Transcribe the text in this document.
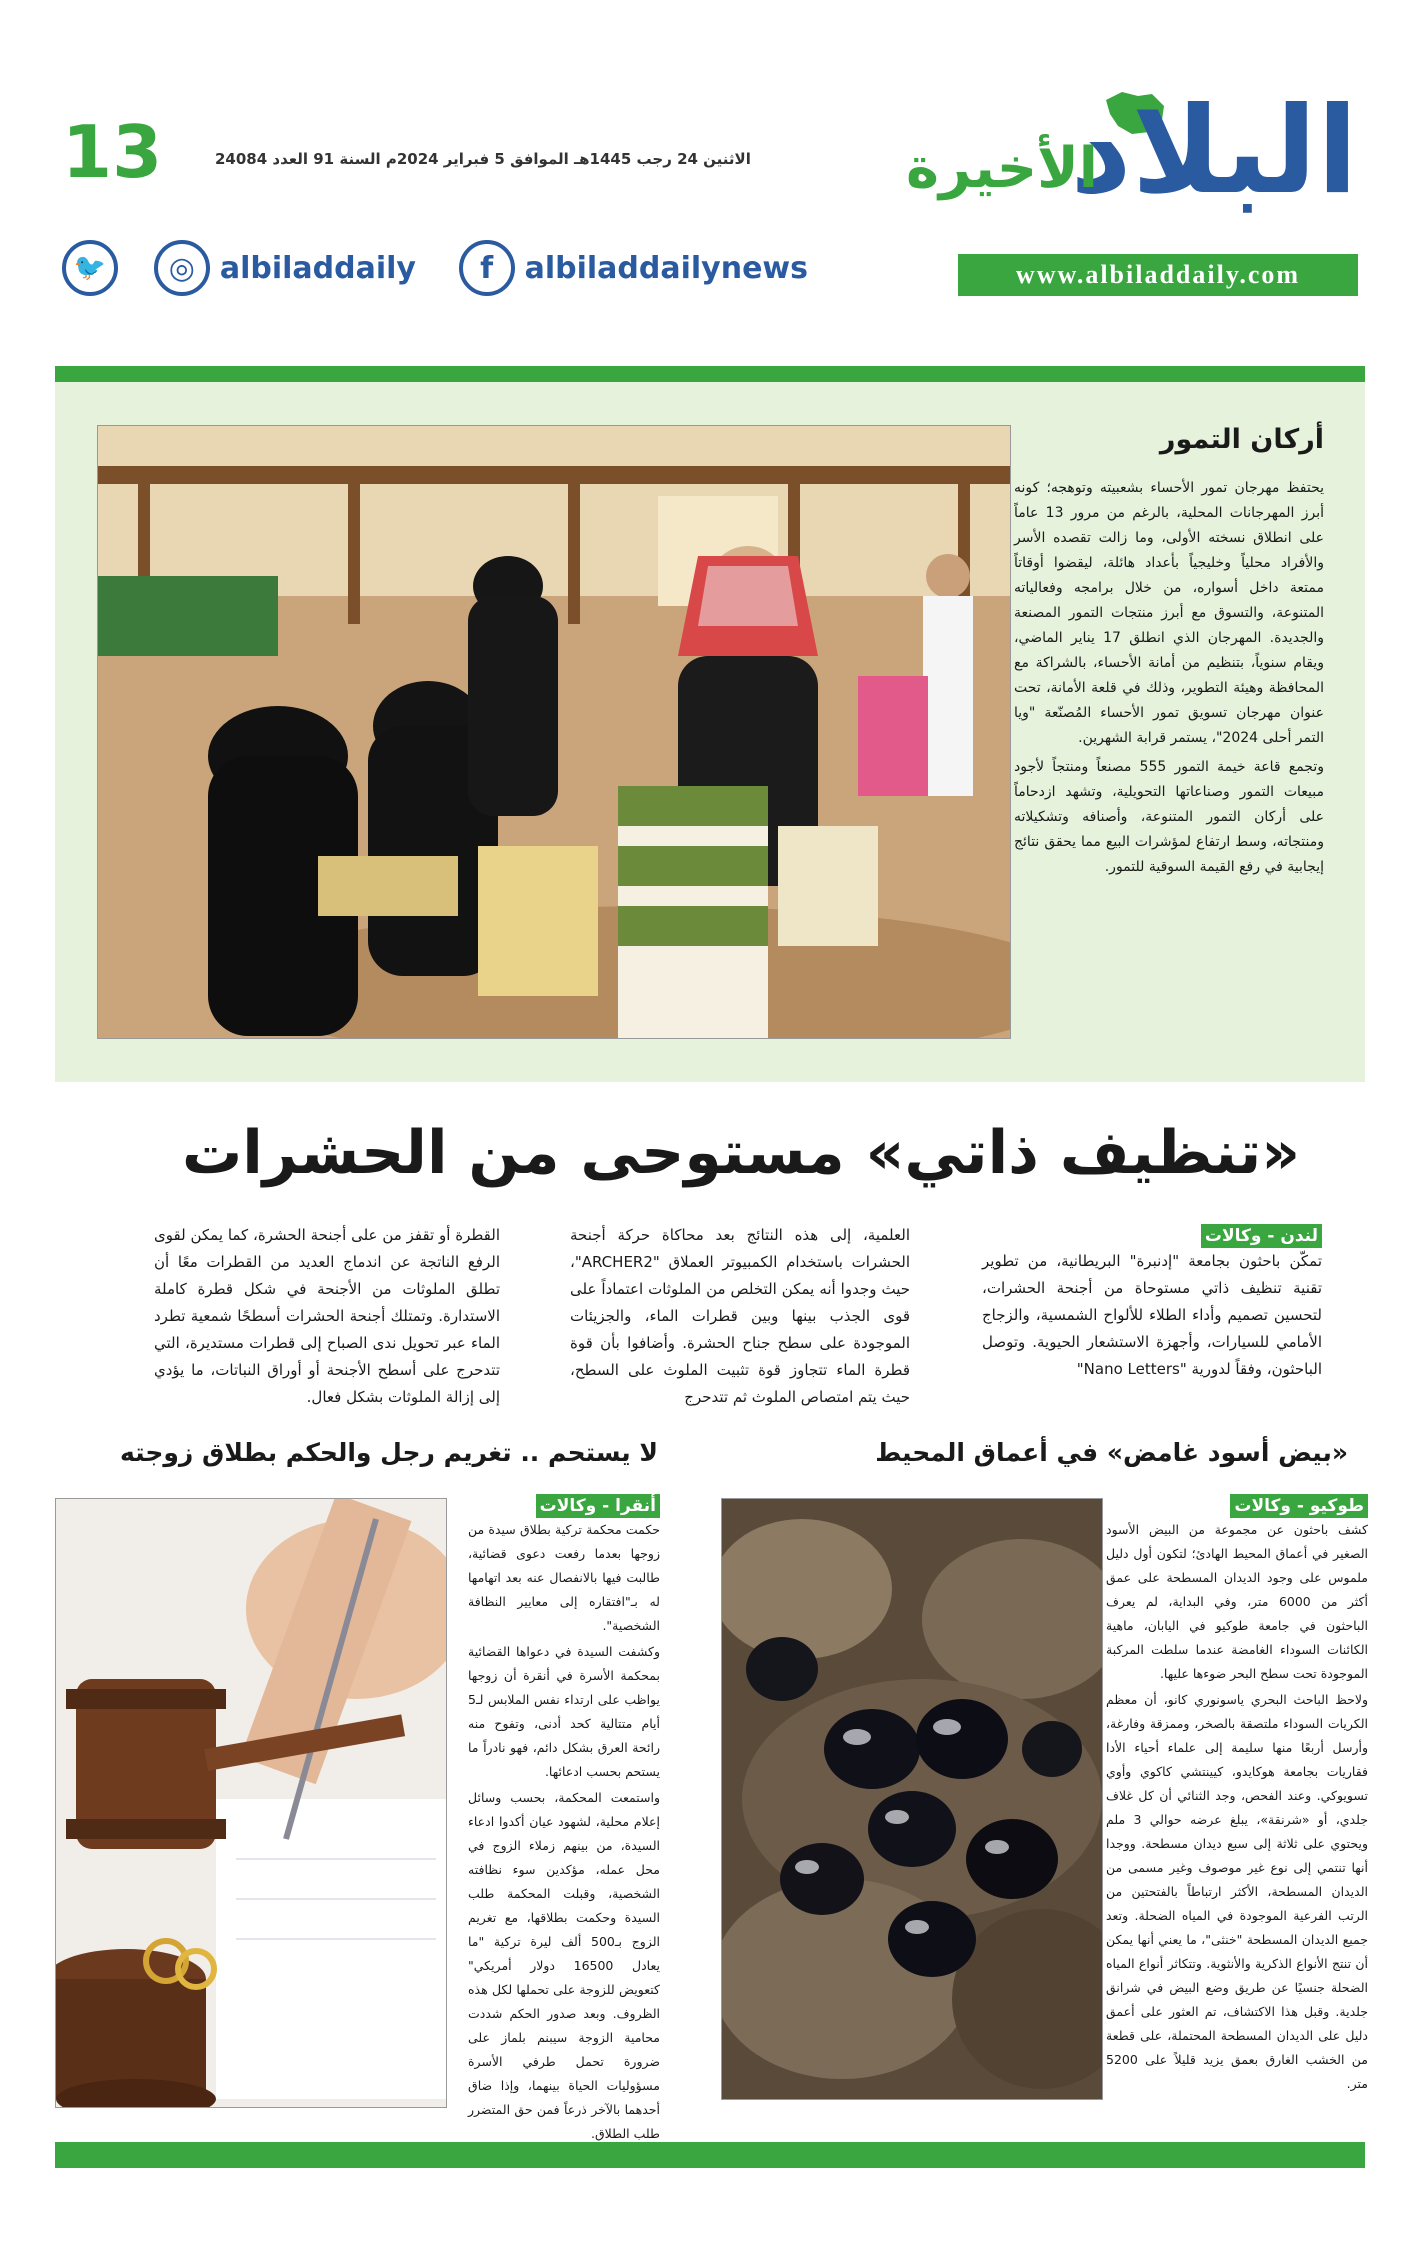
13	الاثنين 24 رجب 1445هـ الموافق 5 فبراير 2024م السنة 91 العدد 24084	البلاد
الأخيرة
www.albiladdaily.com
f	albiladdailynews
◎ albiladdaily
🐦
أركان التمور

يحتفظ مهرجان تمور الأحساء بشعبيته وتوهجه؛ كونه أبرز المهرجانات المحلية، بالرغم من مرور 13 عاماً على انطلاق نسخته الأولى، وما زالت تقصده الأسر والأفراد محلياً وخليجياً بأعداد هائلة، ليقضوا أوقاتاً ممتعة داخل أسواره، من خلال برامجه وفعالياته المتنوعة، والتسوق مع أبرز منتجات التمور المصنعة والجديدة. المهرجان الذي انطلق 17 يناير الماضي، ويقام سنوياً، بتنظيم من أمانة الأحساء، بالشراكة مع المحافظة وهيئة التطوير، وذلك في قلعة الأمانة، تحت عنوان مهرجان تسويق تمور الأحساء المُصنّعة "ويا التمر أحلى 2024"، يستمر قرابة الشهرين.

وتجمع قاعة خيمة التمور 555 مصنعاً ومنتجاً لأجود مبيعات التمور وصناعاتها التحويلية، وتشهد ازدحاماً على أركان التمور المتنوعة، وأصنافه وتشكيلاته ومنتجاته، وسط ارتفاع لمؤشرات البيع مما يحقق نتائج إيجابية في رفع القيمة السوقية للتمور.

«تنظيف ذاتي» مستوحى من الحشرات
لندن - وكالات
تمكّن باحثون بجامعة "إدنبرة" البريطانية، من تطوير تقنية تنظيف ذاتي مستوحاة من أجنحة الحشرات، لتحسين تصميم وأداء الطلاء للألواح الشمسية، والزجاج الأمامي للسيارات، وأجهزة الاستشعار الحيوية. وتوصل الباحثون، وفقاً لدورية "Nano Letters"
العلمية، إلى هذه النتائج بعد محاكاة حركة أجنحة الحشرات باستخدام الكمبيوتر العملاق "ARCHER2"، حيث وجدوا أنه يمكن التخلص من الملوثات اعتماداً على قوى الجذب بينها وبين قطرات الماء، والجزيئات الموجودة على سطح جناح الحشرة. وأضافوا بأن قوة قطرة الماء تتجاوز قوة تثبيت الملوث على السطح، حيث يتم امتصاص الملوث ثم تتدحرج
القطرة أو تقفز من على أجنحة الحشرة، كما يمكن لقوى الرفع الناتجة عن اندماج العديد من القطرات معًا أن تطلق الملوثات من الأجنحة في شكل قطرة كاملة الاستدارة. وتمتلك أجنحة الحشرات أسطحًا شمعية تطرد الماء عبر تحويل ندى الصباح إلى قطرات مستديرة، التي تتدحرج على أسطح الأجنحة أو أوراق النباتات، ما يؤدي إلى إزالة الملوثات بشكل فعال.
«بيض أسود غامض» في أعماق المحيط
طوكيو - وكالات

كشف باحثون عن مجموعة من البيض الأسود الصغير في أعماق المحيط الهادئ؛ لتكون أول دليل ملموس على وجود الديدان المسطحة على عمق أكثر من 6000 متر، وفي البداية، لم يعرف الباحثون في جامعة طوكيو في اليابان، ماهية الكائنات السوداء الغامضة عندما سلطت المركبة الموجودة تحت سطح البحر ضوءها عليها.

ولاحظ الباحث البحري ياسونوري كانو، أن معظم الكريات السوداء ملتصقة بالصخر، وممزقة وفارغة، وأرسل أربعًا منها سليمة إلى علماء أحياء الأدا فقاريات بجامعة هوكايدو، كيينتشي كاكوي وأوي تسويوكي. وعند الفحص، وجد الثنائي أن كل غلاف جلدي، أو «شرنقة»، يبلغ عرضه حوالي 3 ملم ويحتوي على ثلاثة إلى سبع ديدان مسطحة. ووجدا أنها تنتمي إلى نوع غير موصوف وغير مسمى من الديدان المسطحة، الأكثر ارتباطاً بالفتحتين من الرتب الفرعية الموجودة في المياه الضحلة. وتعد جميع الديدان المسطحة "خنثى"، ما يعني أنها يمكن أن تنتج الأنواع الذكرية والأنثوية. وتتكاثر أنواع المياه الضحلة جنسيًا عن طريق وضع البيض في شرانق جلدية. وقبل هذا الاكتشاف، تم العثور على أعمق دليل على الديدان المسطحة المحتملة، على قطعة من الخشب الغارق بعمق يزيد قليلاً على 5200 متر.

لا يستحم .. تغريم رجل والحكم بطلاق زوجته
أنقرا - وكالات

حكمت محكمة تركية بطلاق سيدة من زوجها بعدما رفعت دعوى قضائية، طالبت فيها بالانفصال عنه بعد اتهامها له بـ"افتقاره إلى معايير النظافة الشخصية".

وكشفت السيدة في دعواها القضائية بمحكمة الأسرة في أنقرة أن زوجها يواظب على ارتداء نفس الملابس لـ5 أيام متتالية كحد أدنى، وتفوح منه رائحة العرق بشكل دائم، فهو نادراً ما يستحم بحسب ادعائها.

واستمعت المحكمة، بحسب وسائل إعلام محلية، لشهود عيان أكدوا ادعاء السيدة، من بينهم زملاء الزوج في محل عمله، مؤكدين سوء نظافته الشخصية، وقبلت المحكمة طلب السيدة وحكمت بطلاقها، مع تغريم الزوج بـ500 ألف ليرة تركية "ما يعادل 16500 دولار أمريكي" كتعويض للزوجة على تحملها لكل هذه الظروف. وبعد صدور الحكم شددت محامية الزوجة سيبنم بلماز على ضرورة تحمل طرفي الأسرة مسؤوليات الحياة بينهما، وإذا ضاق أحدهما بالآخر ذرعاً فمن حق المتضرر طلب الطلاق.
